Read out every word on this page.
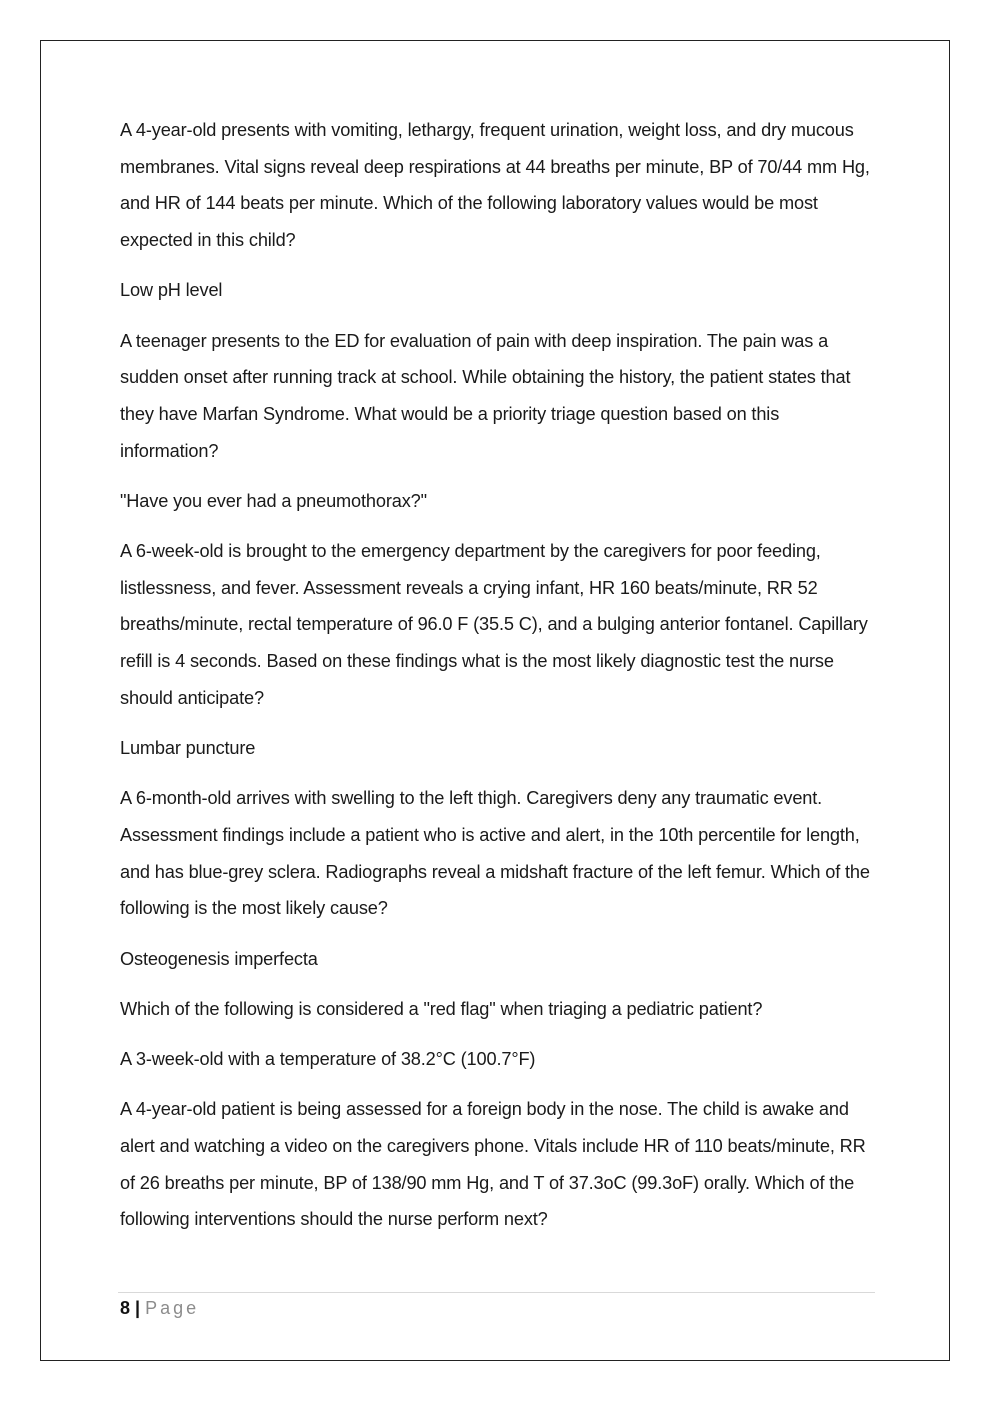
A 4-year-old presents with vomiting, lethargy, frequent urination, weight loss, and dry mucous membranes. Vital signs reveal deep respirations at 44 breaths per minute, BP of 70/44 mm Hg, and HR of 144 beats per minute. Which of the following laboratory values would be most expected in this child?

Low pH level

A teenager presents to the ED for evaluation of pain with deep inspiration. The pain was a sudden onset after running track at school. While obtaining the history, the patient states that they have Marfan Syndrome. What would be a priority triage question based on this information?

"Have you ever had a pneumothorax?"

A 6-week-old is brought to the emergency department by the caregivers for poor feeding, listlessness, and fever. Assessment reveals a crying infant, HR 160 beats/minute, RR 52 breaths/minute, rectal temperature of 96.0 F (35.5 C), and a bulging anterior fontanel. Capillary refill is 4 seconds. Based on these findings what is the most likely diagnostic test the nurse should anticipate?

Lumbar puncture

A 6-month-old arrives with swelling to the left thigh. Caregivers deny any traumatic event. Assessment findings include a patient who is active and alert, in the 10th percentile for length, and has blue-grey sclera. Radiographs reveal a midshaft fracture of the left femur. Which of the following is the most likely cause?

Osteogenesis imperfecta

Which of the following is considered a "red flag" when triaging a pediatric patient?

A 3-week-old with a temperature of 38.2°C (100.7°F)

A 4-year-old patient is being assessed for a foreign body in the nose. The child is awake and alert and watching a video on the caregivers phone. Vitals include HR of 110 beats/minute, RR of 26 breaths per minute, BP of 138/90 mm Hg, and T of 37.3oC (99.3oF) orally. Which of the following interventions should the nurse perform next?

8 | Page
